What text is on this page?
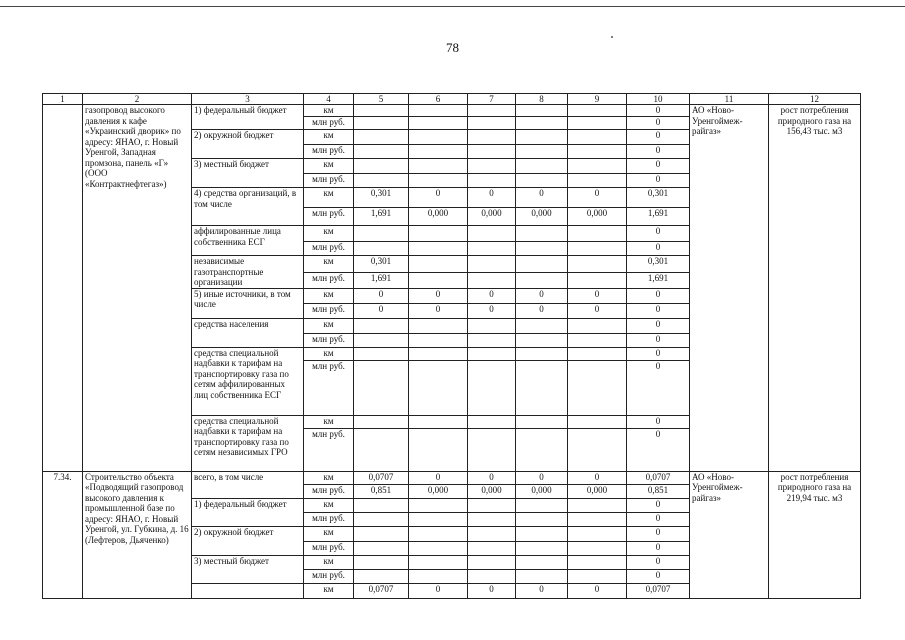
78
1	2	3	4	5	6	7	8	9	10	11	12
	газопровод высокого давления к кафе «Украинский дворик» по адресу: ЯНАО, г. Новый Уренгой, Западная промзона, панель «Г» (ООО «Контрактнефтегаз»)	1) федеральный бюджет	км						0	АО «Ново-Уренгоймеж-райгаз»	рост потребления природного газа на 156,43 тыс. м3
			млн руб.						0		
		2) окружной бюджет	км						0		
			млн руб.						0		
		3) местный бюджет	км						0		
			млн руб.						0		
		4) средства организаций, в том числе	км	0,301	0	0	0	0	0,301		
			млн руб.	1,691	0,000	0,000	0,000	0,000	1,691		
		аффилированные лица собственника ЕСГ	км						0		
			млн руб.						0		
		независимые газотранспортные организации	км	0,301					0,301		
			млн руб.	1,691					1,691		
		5) иные источники, в том числе	км	0	0	0	0	0	0		
			млн руб.	0	0	0	0	0	0		
		средства населения	км						0		
			млн руб.						0		
		средства специальной надбавки к тарифам на транспортировку газа по сетям аффилированных лиц собственника ЕСГ	км						0		
			млн руб.						0		
		средства специальной надбавки к тарифам на транспортировку газа по сетям независимых ГРО	км						0		
			млн руб.						0		
7.34.	Строительство объекта «Подводящий газопровод высокого давления к промышленной базе по адресу: ЯНАО, г. Новый Уренгой, ул. Губкина, д. 16 (Лефтеров, Дьяченко)	всего, в том числе	км	0,0707	0	0	0	0	0,0707	АО «Ново-Уренгоймеж-райгаз»	рост потребления природного газа на 219,94 тыс. м3
			млн руб.	0,851	0,000	0,000	0,000	0,000	0,851		
		1) федеральный бюджет	км						0		
			млн руб.						0		
		2) окружной бюджет	км						0		
			млн руб.						0		
		3) местный бюджет	км						0		
			млн руб.						0		
			км	0,0707	0	0	0	0	0,0707		
